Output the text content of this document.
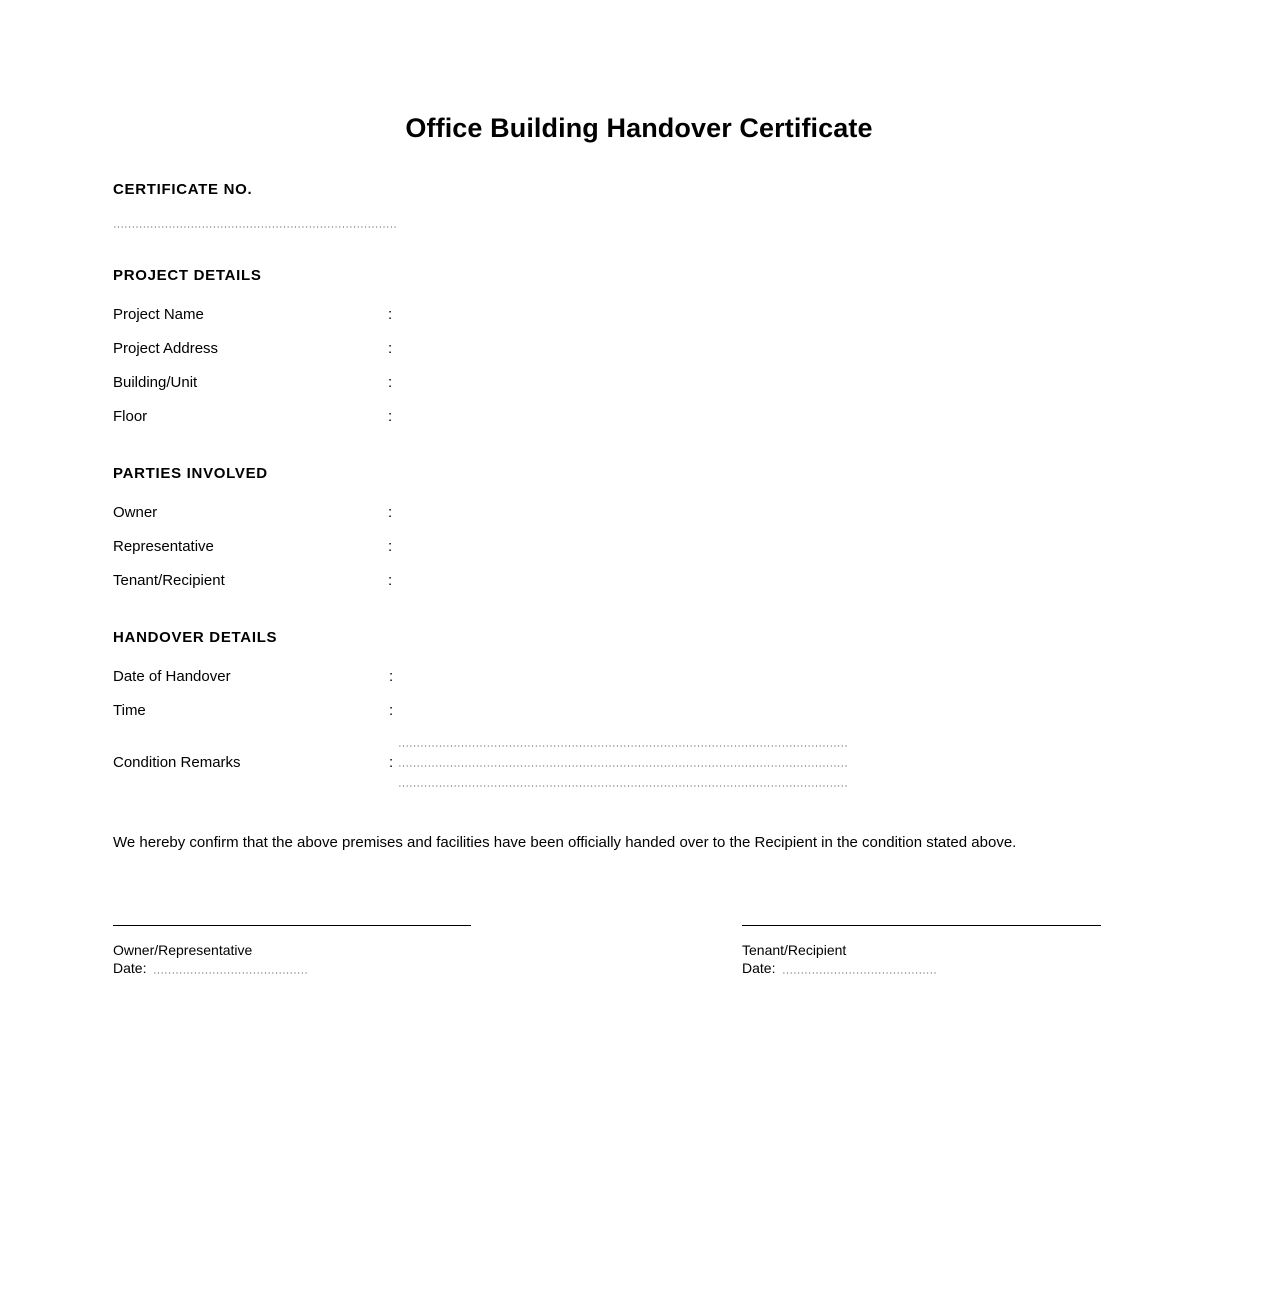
Office Building Handover Certificate
CERTIFICATE NO.
PROJECT DETAILS
Project Name	:
Project Address	:
Building/Unit	:
Floor	:
PARTIES INVOLVED
Owner	:
Representative	:
Tenant/Recipient	:
HANDOVER DETAILS
Date of Handover	:
Time	:
Condition Remarks	:
We hereby confirm that the above premises and facilities have been officially handed over to the Recipient in the condition stated above.
Owner/Representative
Date:
Tenant/Recipient
Date:
